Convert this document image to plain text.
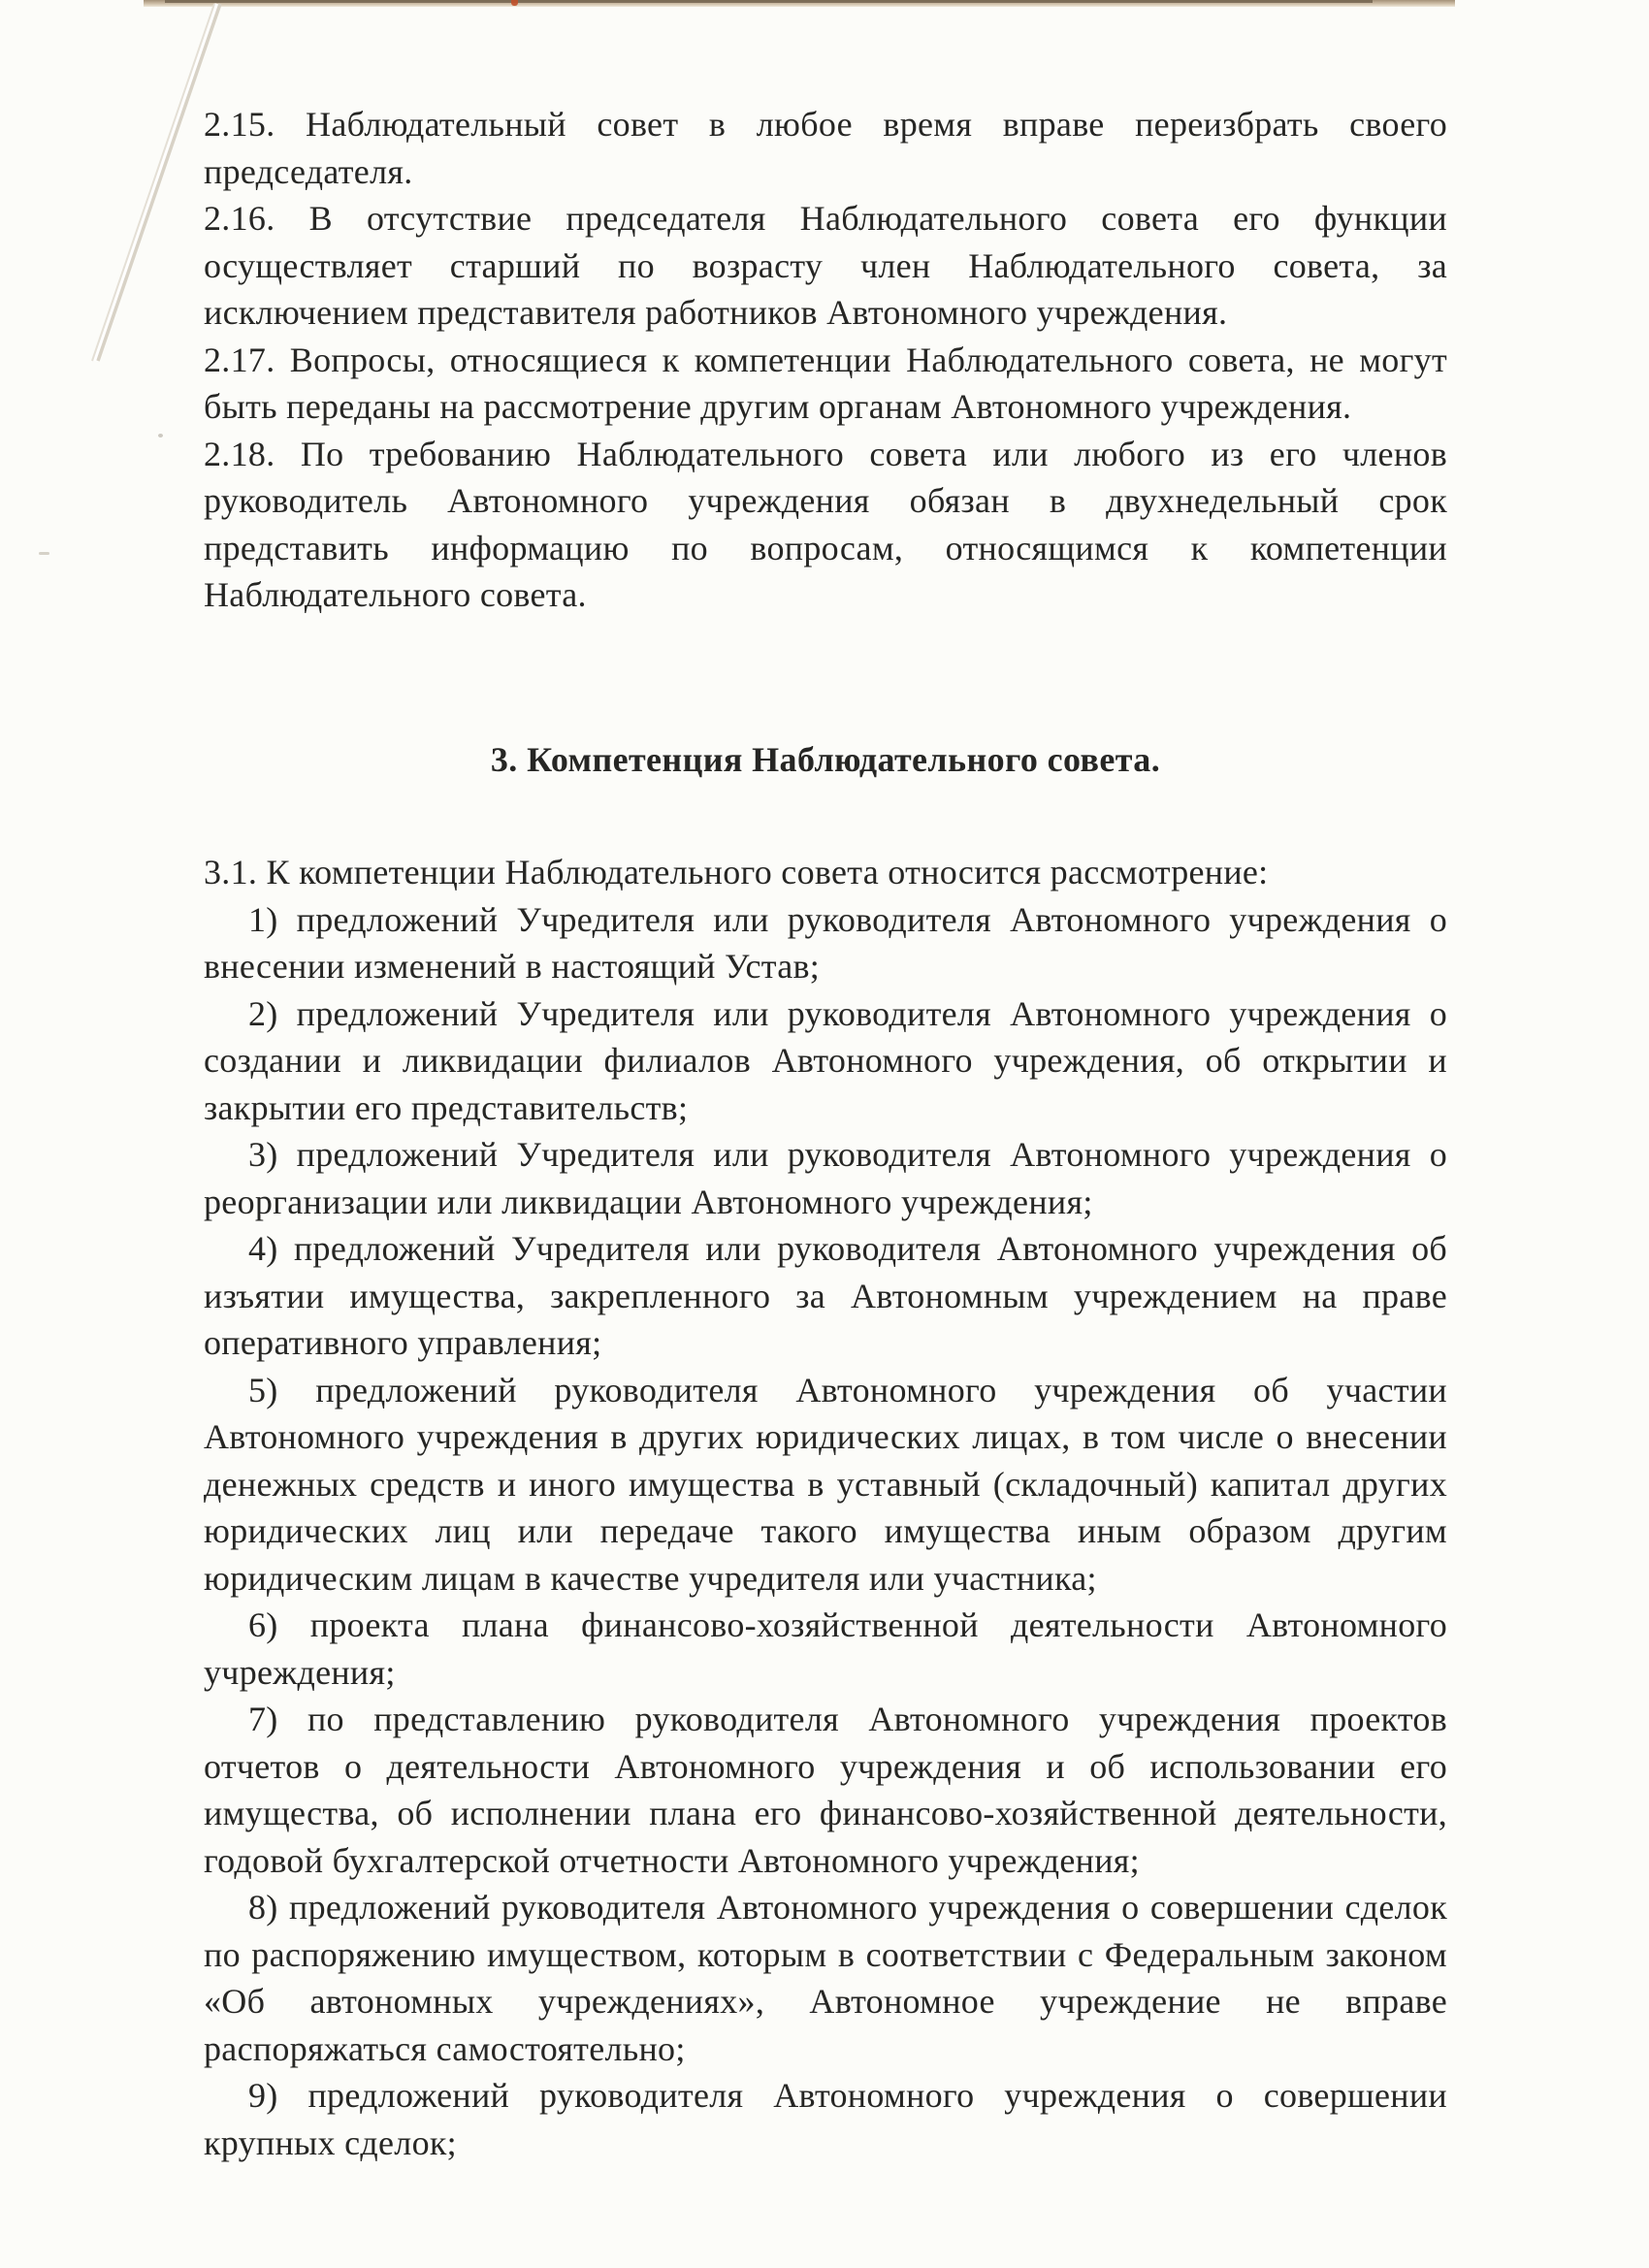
2.15. Наблюдательный совет в любое время вправе переизбрать своего председателя.

2.16. В отсутствие председателя Наблюдательного совета его функции осуществляет старший по возрасту член Наблюдательного совета, за исключением представителя работников Автономного учреждения.

2.17. Вопросы, относящиеся к компетенции Наблюдательного совета, не могут быть переданы на рассмотрение другим органам Автономного учреждения.

2.18. По требованию Наблюдательного совета или любого из его членов руководитель Автономного учреждения обязан в двухнедельный срок представить информацию по вопросам, относящимся к компетенции Наблюдательного совета.

3. Компетенция Наблюдательного совета.

3.1. К компетенции Наблюдательного совета относится рассмотрение:

1) предложений Учредителя или руководителя Автономного учреждения о внесении изменений в настоящий Устав;

2) предложений Учредителя или руководителя Автономного учреждения о создании и ликвидации филиалов Автономного учреждения, об открытии и закрытии его представительств;

3) предложений Учредителя или руководителя Автономного учреждения о реорганизации или ликвидации Автономного учреждения;

4) предложений Учредителя или руководителя Автономного учреждения об изъятии имущества, закрепленного за Автономным учреждением на праве оперативного управления;

5) предложений руководителя Автономного учреждения об участии Автономного учреждения в других юридических лицах, в том числе о внесении денежных средств и иного имущества в уставный (складочный) капитал других юридических лиц или передаче такого имущества иным образом другим юридическим лицам в качестве учредителя или участника;

6) проекта плана финансово-хозяйственной деятельности Автономного учреждения;

7) по представлению руководителя Автономного учреждения проектов отчетов о деятельности Автономного учреждения и об использовании его имущества, об исполнении плана его финансово-хозяйственной деятельности, годовой бухгалтерской отчетности Автономного учреждения;

8) предложений руководителя Автономного учреждения о совершении сделок по распоряжению имуществом, которым в соответствии с Федеральным законом «Об автономных учреждениях», Автономное учреждение не вправе распоряжаться самостоятельно;

9) предложений руководителя Автономного учреждения о совершении крупных сделок;
